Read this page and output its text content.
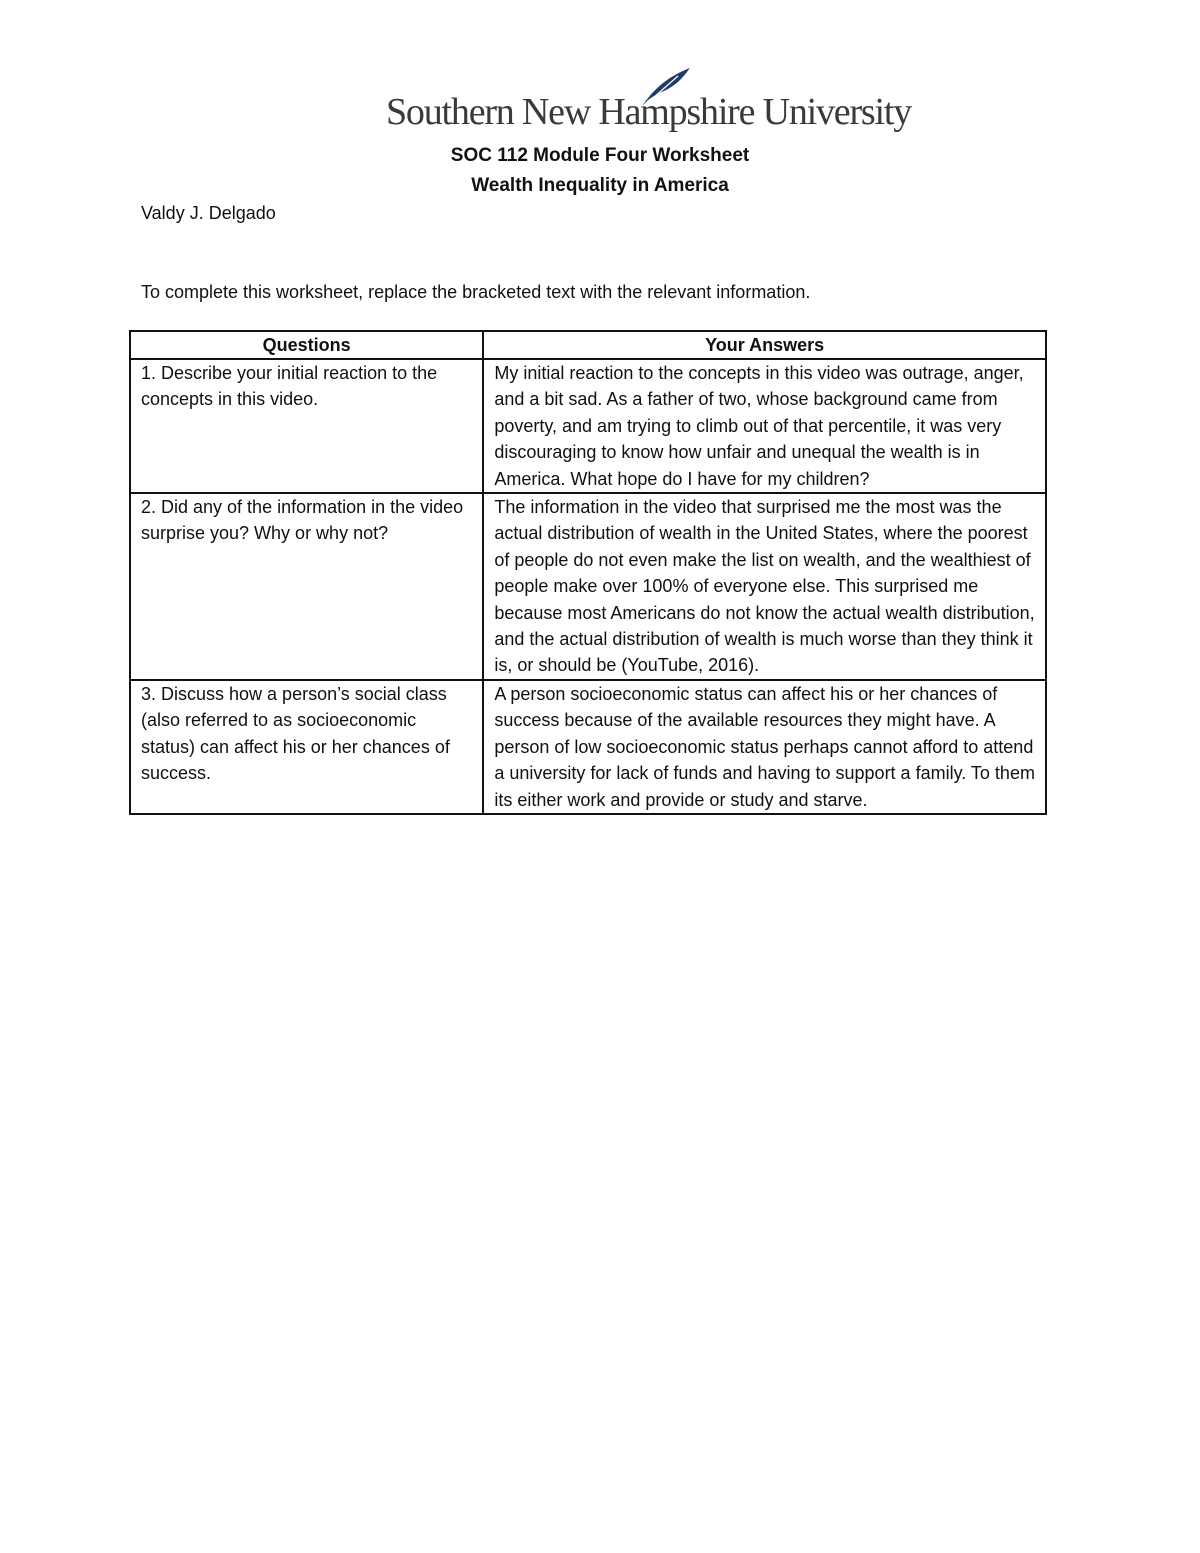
Southern New Hampshire University
SOC 112 Module Four Worksheet
Wealth Inequality in America
Valdy J. Delgado
To complete this worksheet, replace the bracketed text with the relevant information.
Questions	Your Answers
1. Describe your initial reaction to the concepts in this video.	My initial reaction to the concepts in this video was outrage, anger, and a bit sad. As a father of two, whose background came from poverty, and am trying to climb out of that percentile, it was very discouraging to know how unfair and unequal the wealth is in America. What hope do I have for my children?
2. Did any of the information in the video surprise you? Why or why not?	The information in the video that surprised me the most was the actual distribution of wealth in the United States, where the poorest of people do not even make the list on wealth, and the wealthiest of people make over 100% of everyone else. This surprised me because most Americans do not know the actual wealth distribution, and the actual distribution of wealth is much worse than they think it is, or should be (YouTube, 2016).
3. Discuss how a person’s social class (also referred to as socioeconomic status) can affect his or her chances of success.	A person socioeconomic status can affect his or her chances of success because of the available resources they might have. A person of low socioeconomic status perhaps cannot afford to attend a university for lack of funds and having to support a family. To them its either work and provide or study and starve.
